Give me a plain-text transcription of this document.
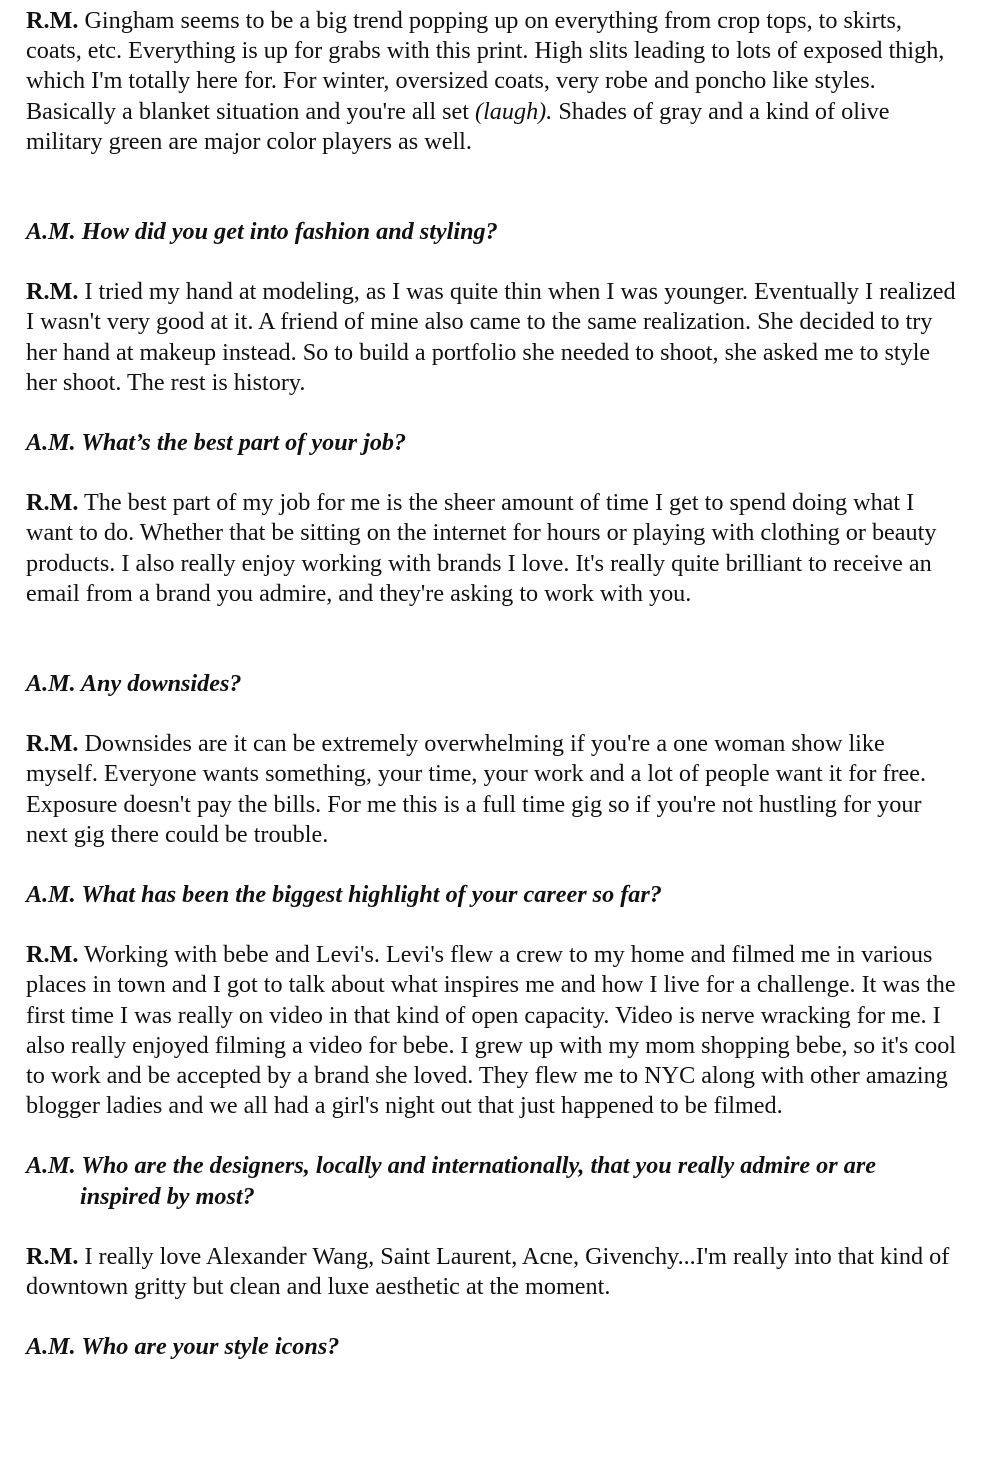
R.M. Gingham seems to be a big trend popping up on everything from crop tops, to skirts, coats, etc. Everything is up for grabs with this print. High slits leading to lots of exposed thigh, which I'm totally here for. For winter, oversized coats, very robe and poncho like styles. Basically a blanket situation and you're all set (laugh). Shades of gray and a kind of olive military green are major color players as well.

A.M. How did you get into fashion and styling?

R.M. I tried my hand at modeling, as I was quite thin when I was younger. Eventually I realized I wasn't very good at it. A friend of mine also came to the same realization. She decided to try her hand at makeup instead. So to build a portfolio she needed to shoot, she asked me to style her shoot. The rest is history.

A.M. What’s the best part of your job?

R.M. The best part of my job for me is the sheer amount of time I get to spend doing what I want to do. Whether that be sitting on the internet for hours or playing with clothing or beauty products. I also really enjoy working with brands I love. It's really quite brilliant to receive an email from a brand you admire, and they're asking to work with you.

A.M. Any downsides?

R.M. Downsides are it can be extremely overwhelming if you're a one woman show like myself. Everyone wants something, your time, your work and a lot of people want it for free. Exposure doesn't pay the bills. For me this is a full time gig so if you're not hustling for your next gig there could be trouble.

A.M. What has been the biggest highlight of your career so far?

R.M. Working with bebe and Levi's. Levi's flew a crew to my home and filmed me in various places in town and I got to talk about what inspires me and how I live for a challenge. It was the first time I was really on video in that kind of open capacity. Video is nerve wracking for me. I also really enjoyed filming a video for bebe. I grew up with my mom shopping bebe, so it's cool to work and be accepted by a brand she loved. They flew me to NYC along with other amazing blogger ladies and we all had a girl's night out that just happened to be filmed.

A.M. Who are the designers, locally and internationally, that you really admire or are inspired by most?

R.M. I really love Alexander Wang, Saint Laurent, Acne, Givenchy...I'm really into that kind of downtown gritty but clean and luxe aesthetic at the moment.

A.M. Who are your style icons?
